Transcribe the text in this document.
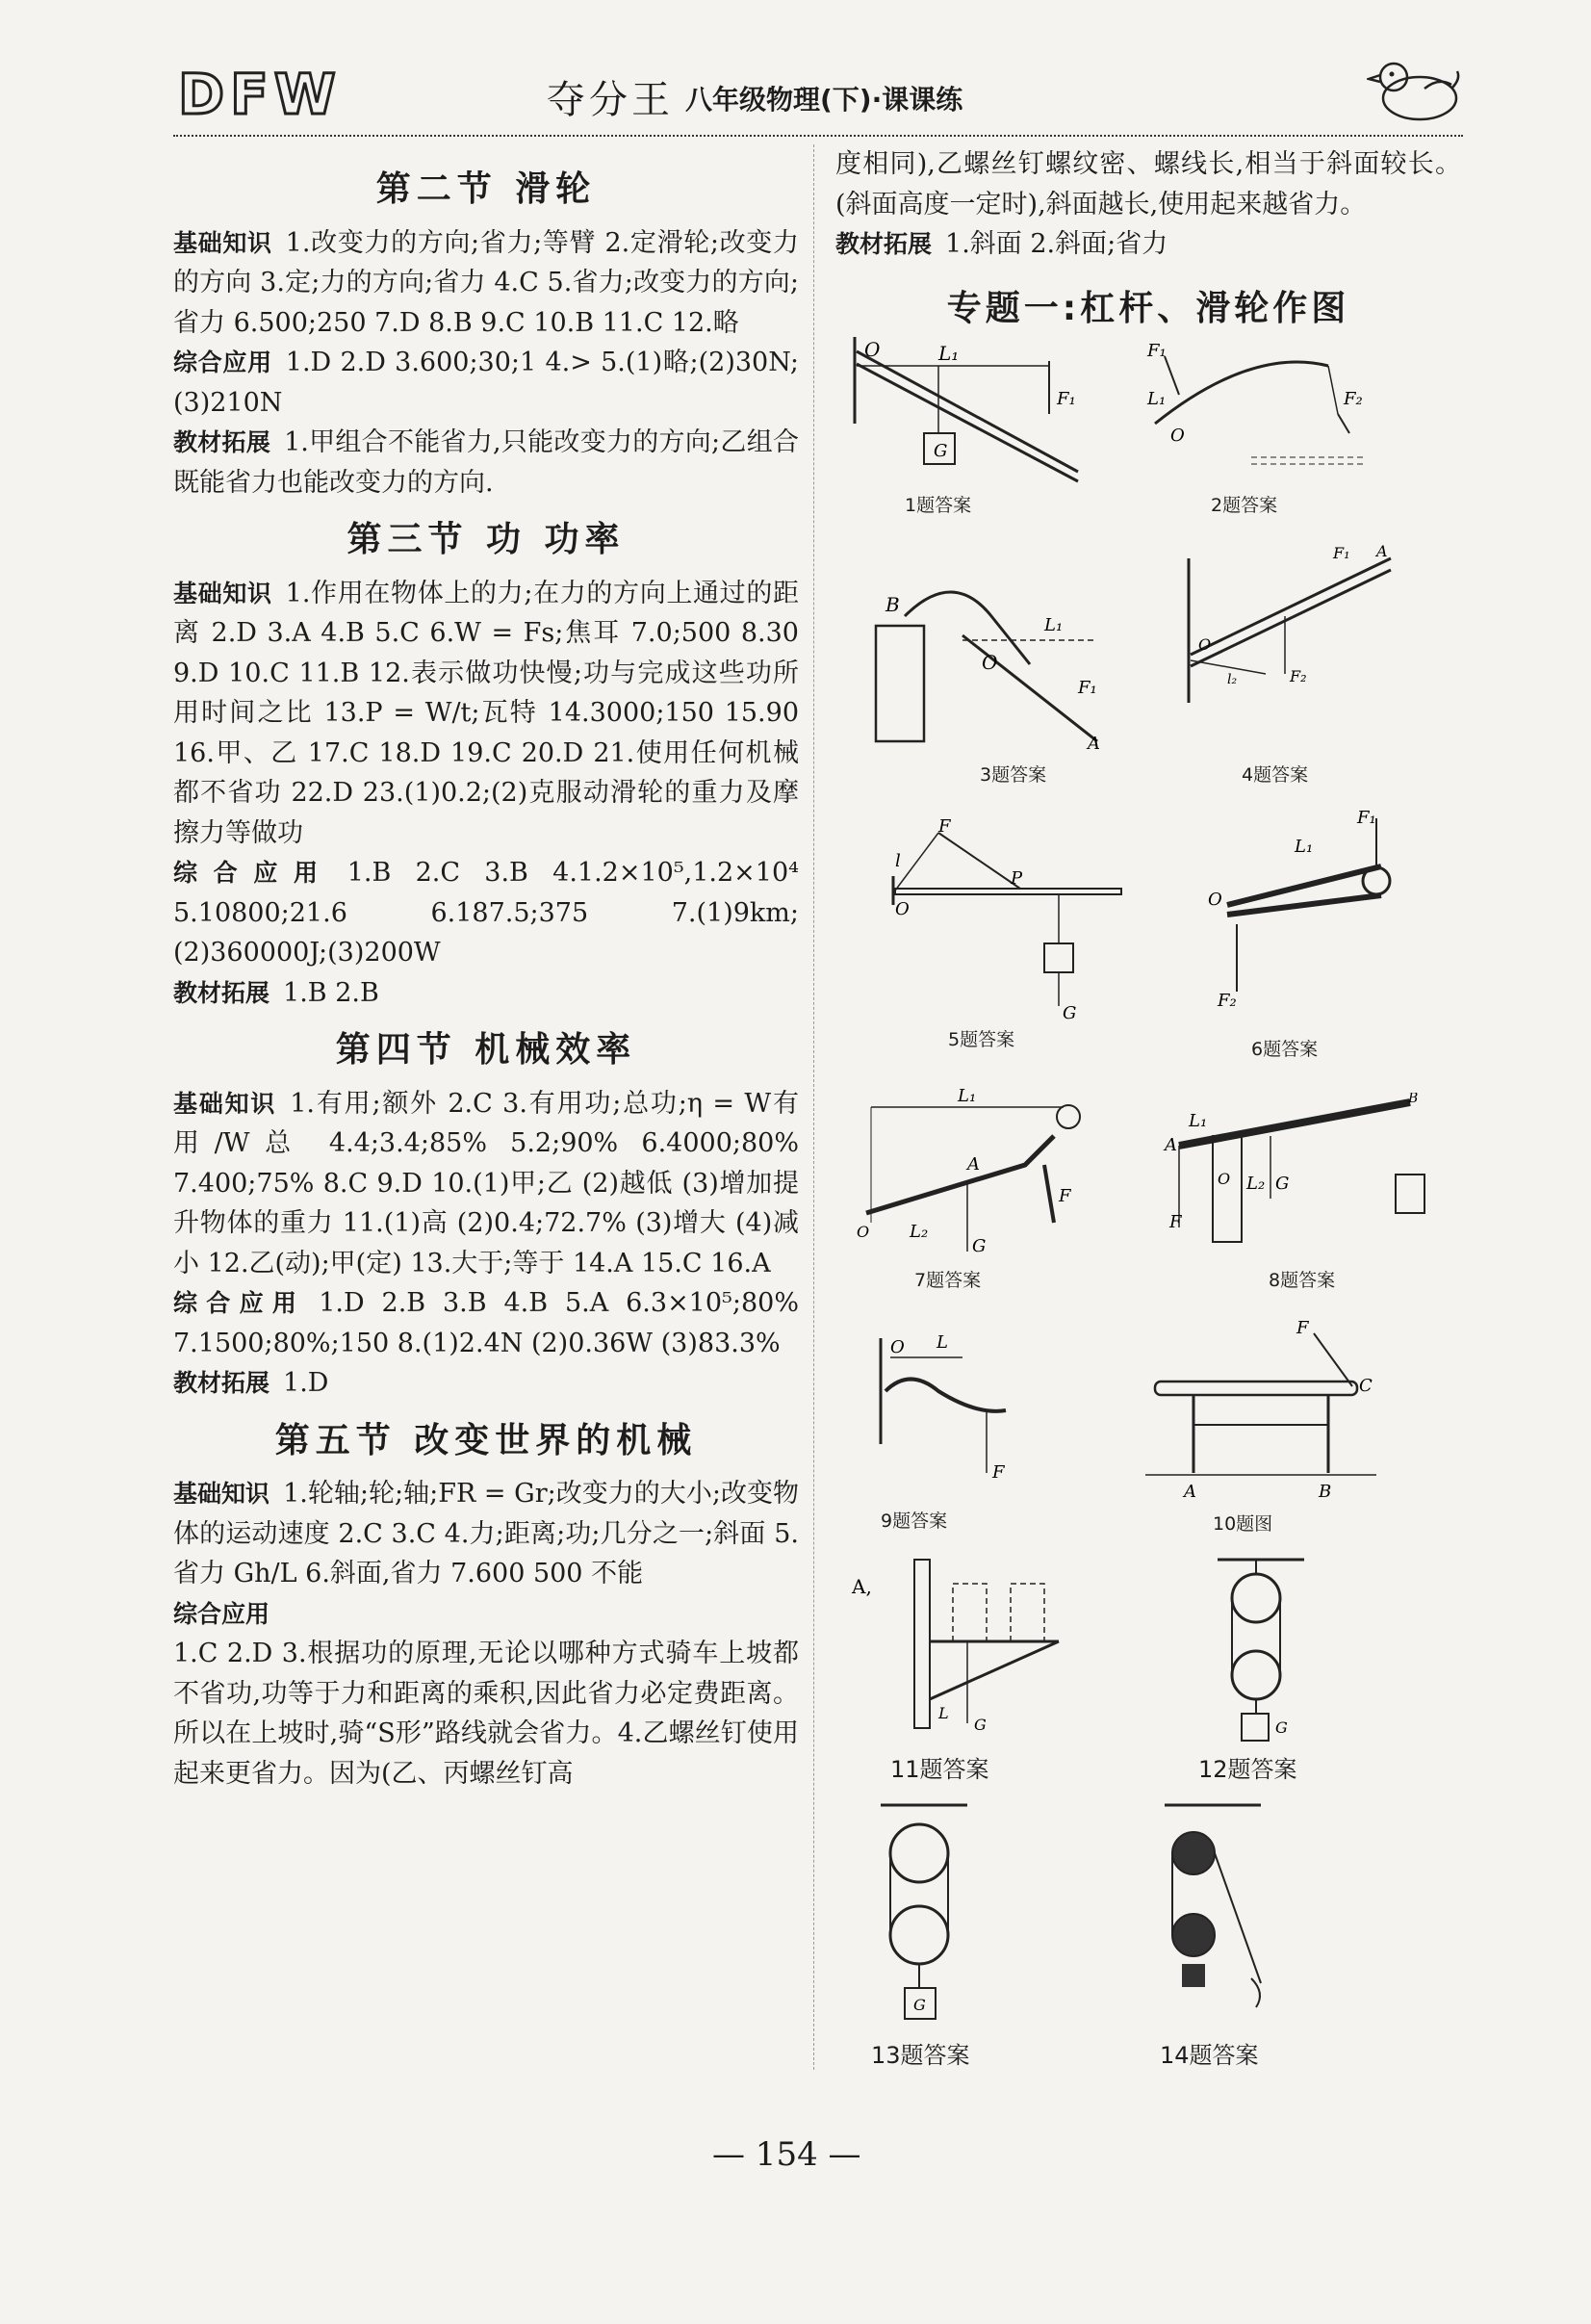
DFW	夺分王 八年级物理(下)·课课练
第二节 滑轮

基础知识 1.改变力的方向;省力;等臂 2.定滑轮;改变力的方向 3.定;力的方向;省力 4.C 5.省力;改变力的方向;省力 6.500;250 7.D 8.B 9.C 10.B 11.C 12.略

综合应用 1.D 2.D 3.600;30;1 4.> 5.(1)略;(2)30N;(3)210N

教材拓展 1.甲组合不能省力,只能改变力的方向;乙组合既能省力也能改变力的方向.

第三节 功 功率

基础知识 1.作用在物体上的力;在力的方向上通过的距离 2.D 3.A 4.B 5.C 6.W = Fs;焦耳 7.0;500 8.30 9.D 10.C 11.B 12.表示做功快慢;功与完成这些功所用时间之比 13.P = W/t;瓦特 14.3000;150 15.90 16.甲、乙 17.C 18.D 19.C 20.D 21.使用任何机械都不省功 22.D 23.(1)0.2;(2)克服动滑轮的重力及摩擦力等做功

综合应用 1.B 2.C 3.B 4.1.2×10⁵,1.2×10⁴ 5.10800;21.6 6.187.5;375 7.(1)9km;(2)360000J;(3)200W

教材拓展 1.B 2.B

第四节 机械效率

基础知识 1.有用;额外 2.C 3.有用功;总功;η = W有用/W总 4.4;3.4;85% 5.2;90% 6.4000;80% 7.400;75% 8.C 9.D 10.(1)甲;乙 (2)越低 (3)增加提升物体的重力 11.(1)高 (2)0.4;72.7% (3)增大 (4)减小 12.乙(动);甲(定) 13.大于;等于 14.A 15.C 16.A

综合应用 1.D 2.B 3.B 4.B 5.A 6.3×10⁵;80% 7.1500;80%;150 8.(1)2.4N (2)0.36W (3)83.3%

教材拓展 1.D

第五节 改变世界的机械

基础知识 1.轮轴;轮;轴;FR = Gr;改变力的大小;改变物体的运动速度 2.C 3.C 4.力;距离;功;几分之一;斜面 5.省力 Gh/L 6.斜面,省力 7.600 500 不能

综合应用

1.C 2.D 3.根据功的原理,无论以哪种方式骑车上坡都不省功,功等于力和距离的乘积,因此省力必定费距离。所以在上坡时,骑“S形”路线就会省力。4.乙螺丝钉使用起来更省力。因为(乙、丙螺丝钉高

度相同),乙螺丝钉螺纹密、螺线长,相当于斜面较长。(斜面高度一定时),斜面越长,使用起来越省力。

教材拓展 1.斜面 2.斜面;省力

专题一:杠杆、滑轮作图
G
O	L₁
F₁
1题答案
F₁
L₁
O
F₂
2题答案
B
O
L₁
F₁
A
3题答案
O
F₂
l₂
F₁ A
4题答案
F
l
P
O
G
5题答案
F₁
L₁
O
F₂
6题答案
L₁
A
O L₂
G
F
7题答案
A
L₁
O L₂ G
F
B
8题答案
O L
F
9题答案
F
C
A	B
10题图
A,
L
G
11题答案
G
12题答案
G
13题答案	14题答案
— 154 —
